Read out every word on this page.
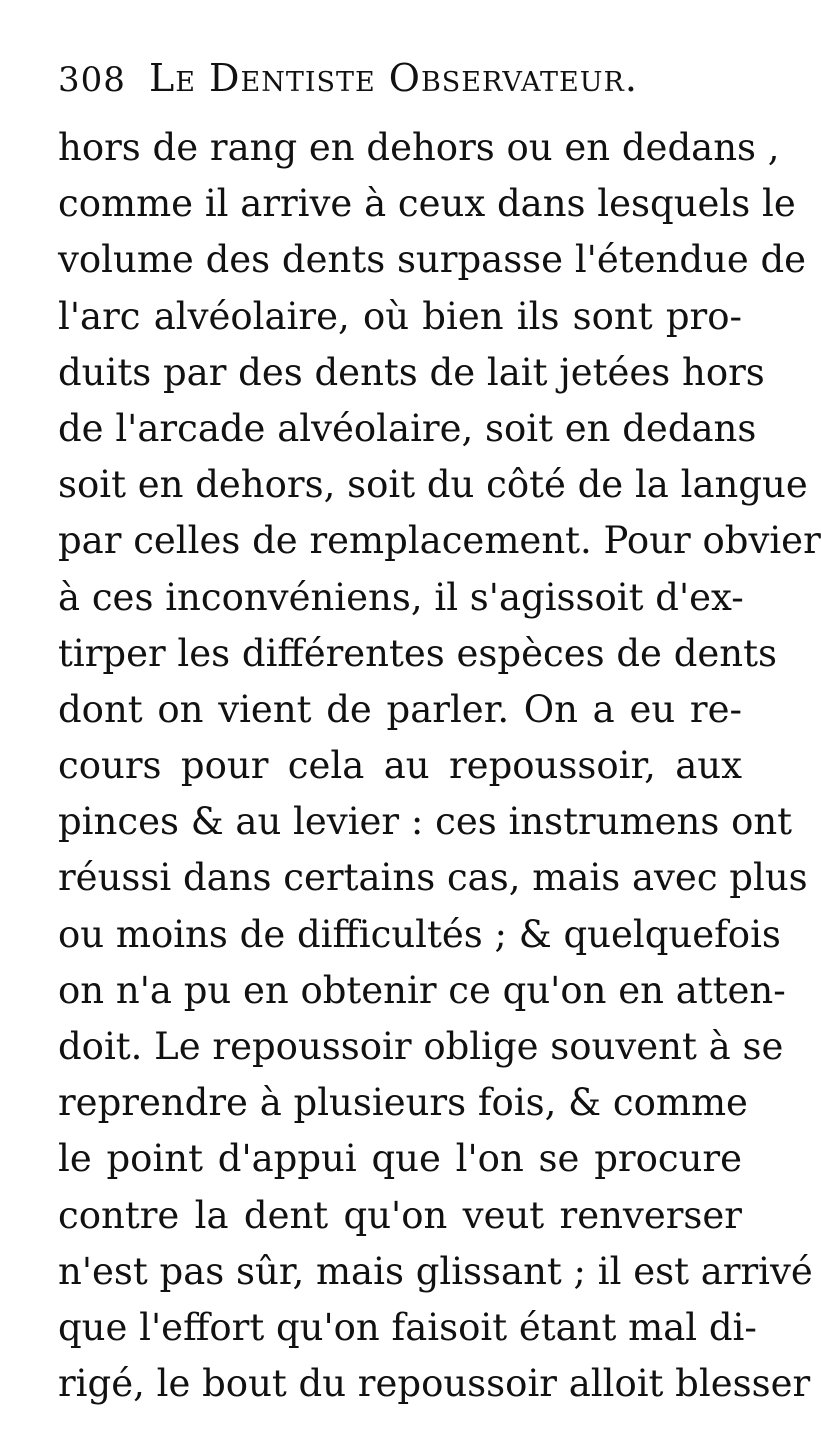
308 Le Dentiste Observateur.
hors de rang en dehors ou en dedans ,
comme il arrive à ceux dans lesquels le
volume des dents surpasse l'étendue de
l'arc alvéolaire, où bien ils sont pro-
duits par des dents de lait jetées hors
de l'arcade alvéolaire, soit en dedans
soit en dehors, soit du côté de la langue
par celles de remplacement. Pour obvier
à ces inconvéniens, il s'agissoit d'ex-
tirper les différentes espèces de dents
dont on vient de parler. On a eu re-
cours pour cela au repoussoir, aux
pinces & au levier : ces instrumens ont
réussi dans certains cas, mais avec plus
ou moins de difficultés ; & quelquefois
on n'a pu en obtenir ce qu'on en atten-
doit. Le repoussoir oblige souvent à se
reprendre à plusieurs fois, & comme
le point d'appui que l'on se procure
contre la dent qu'on veut renverser
n'est pas sûr, mais glissant ; il est arrivé
que l'effort qu'on faisoit étant mal di-
rigé, le bout du repoussoir alloit blesser
